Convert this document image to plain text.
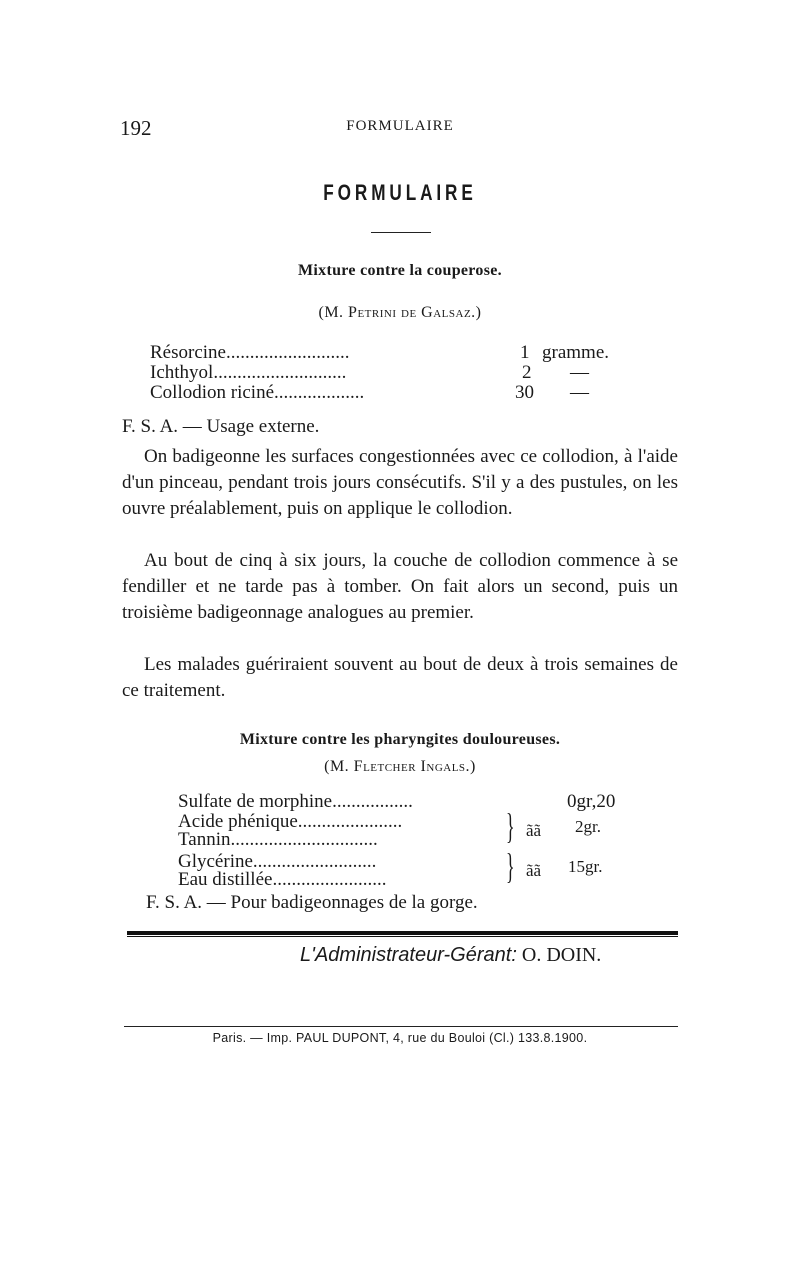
192	FORMULAIRE
FORMULAIRE
Mixture contre la couperose.
(M. Petrini de Galsaz.)
Résorcine..........................	1 gramme.
Ichthyol............................	2 —
Collodion riciné...................	30 —
F. S. A. — Usage externe.

On badigeonne les surfaces congestionnées avec ce collodion, à l'aide d'un pinceau, pendant trois jours consécutifs. S'il y a des pustules, on les ouvre préalablement, puis on applique le collodion.

Au bout de cinq à six jours, la couche de collodion commence à se fendiller et ne tarde pas à tomber. On fait alors un second, puis un troisième badigeonnage analogues au premier.

Les malades guériraient souvent au bout de deux à trois semaines de ce traitement.

Mixture contre les pharyngites douloureuses.
(M. Fletcher Ingals.)
Sulfate de morphine.................	0gr,20
Acide phénique......................
Tannin...............................	} ãã 2gr.
Glycérine..........................
Eau distillée........................	} ãã 15gr.
F. S. A. — Pour badigeonnages de la gorge.
L'Administrateur-Gérant: O. DOIN.
Paris. — Imp. PAUL DUPONT, 4, rue du Bouloi (Cl.) 133.8.1900.
